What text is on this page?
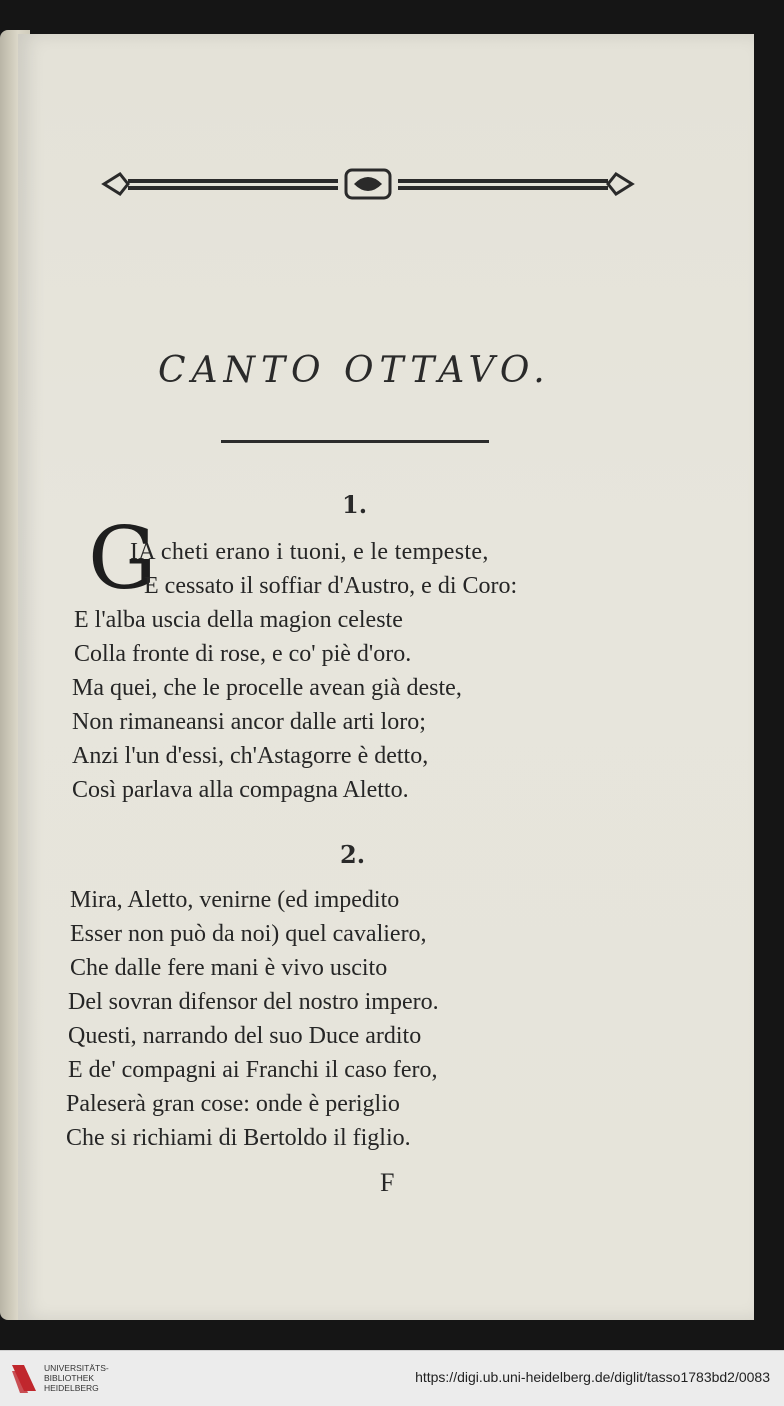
CANTO OTTAVO.
1.
G
IA cheti erano i tuoni, e le tempeste,
E cessato il soffiar d'Austro, e di Coro:
E l'alba uscia della magion celeste
Colla fronte di rose, e co' piè d'oro.
Ma quei, che le procelle avean già deste,
Non rimaneansi ancor dalle arti loro;
Anzi l'un d'essi, ch'Astagorre è detto,
Così parlava alla compagna Aletto.
2.
Mira, Aletto, venirne (ed impedito
Esser non può da noi) quel cavaliero,
Che dalle fere mani è vivo uscito
Del sovran difensor del nostro impero.
Questi, narrando del suo Duce ardito
E de' compagni ai Franchi il caso fero,
Paleserà gran cose: onde è periglio
Che si richiami di Bertoldo il figlio.
F
UNIVERSITÄTS-
BIBLIOTHEK
HEIDELBERG
https://digi.ub.uni-heidelberg.de/diglit/tasso1783bd2/0083
